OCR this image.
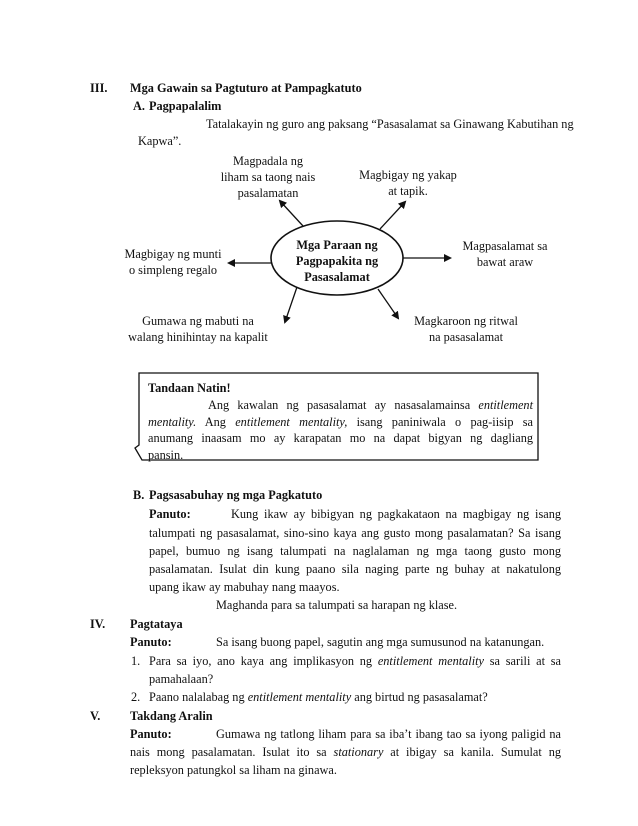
III. Mga Gawain sa Pagtuturo at Pampagkatuto
A. Pagpapalalim
Tatalakayin ng guro ang paksang “Pasasalamat sa Ginawang Kabutihan ng
Kapwa”.
Mga Paraan ng
Pagpapakita ng
Pasasalamat
Magpadala ng
liham sa taong nais
pasalamatan
Magbigay ng yakap
at tapik.
Magpasalamat sa
bawat araw
Magbigay ng munti
o simpleng regalo
Gumawa ng mabuti na
walang hinihintay na kapalit
Magkaroon ng ritwal
na pasasalamat
Tandaan Natin!
Ang kawalan ng pasasalamat ay nasasalamainsa entitlement
mentality. Ang entitlement mentality, isang paniniwala o pag-iisip sa
anumang inaasam mo ay karapatan mo na dapat bigyan ng dagliang
pansin.
B. Pagsasabuhay ng mga Pagkatuto
Panuto:	Kung ikaw ay bibigyan ng pagkakataon na magbigay ng isang
talumpati ng pasasalamat, sino-sino kaya ang gusto mong pasalamatan? Sa isang
papel, bumuo ng isang talumpati na naglalaman ng mga taong gusto mong
pasalamatan. Isulat din kung paano sila naging parte ng buhay at nakatulong
upang ikaw ay mabuhay nang maayos.
Maghanda para sa talumpati sa harapan ng klase.
IV. Pagtataya
Panuto:	Sa isang buong papel, sagutin ang mga sumusunod na katanungan.
1. Para sa iyo, ano kaya ang implikasyon ng entitlement mentality sa sarili at sa
pamahalaan?
2. Paano nalalabag ng entitlement mentality ang birtud ng pasasalamat?
V. Takdang Aralin
Panuto:	Gumawa ng tatlong liham para sa iba’t ibang tao sa iyong paligid na
nais mong pasalamatan. Isulat ito sa stationary at ibigay sa kanila. Sumulat ng
repleksyon patungkol sa liham na ginawa.
